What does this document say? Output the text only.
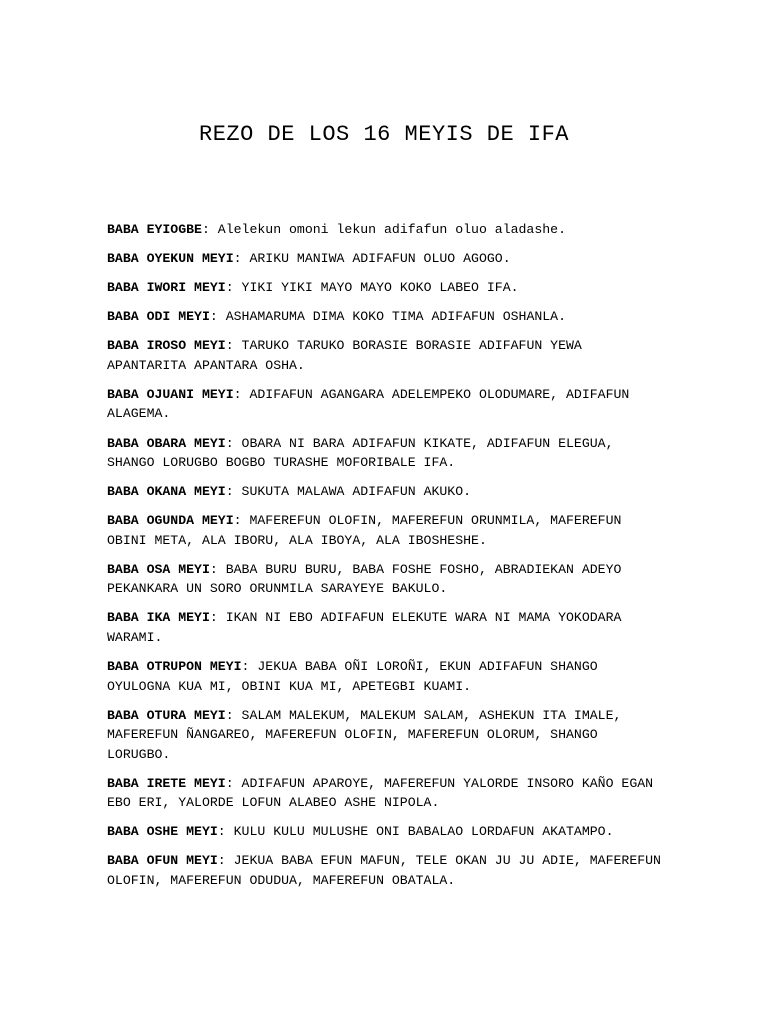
REZO DE LOS 16 MEYIS DE IFA
BABA EYIOGBE: Alelekun omoni lekun adifafun oluo aladashe.
BABA OYEKUN MEYI: ARIKU MANIWA ADIFAFUN OLUO AGOGO.
BABA IWORI MEYI: YIKI YIKI MAYO MAYO KOKO LABEO IFA.
BABA ODI MEYI: ASHAMARUMA DIMA KOKO TIMA ADIFAFUN OSHANLA.
BABA IROSO MEYI: TARUKO TARUKO BORASIE BORASIE ADIFAFUN YEWA APANTARITA APANTARA OSHA.
BABA OJUANI MEYI: ADIFAFUN AGANGARA ADELEMPEKO OLODUMARE, ADIFAFUN ALAGEMA.
BABA OBARA MEYI: OBARA NI BARA ADIFAFUN KIKATE, ADIFAFUN ELEGUA, SHANGO LORUGBO BOGBO TURASHE MOFORIBALE IFA.
BABA OKANA MEYI: SUKUTA MALAWA ADIFAFUN AKUKO.
BABA OGUNDA MEYI: MAFEREFUN OLOFIN, MAFEREFUN ORUNMILA, MAFEREFUN OBINI META, ALA IBORU, ALA IBOYA, ALA IBOSHESHE.
BABA OSA MEYI: BABA BURU BURU, BABA FOSHE FOSHO, ABRADIEKAN ADEYO PEKANKARA UN SORO ORUNMILA SARAYEYE BAKULO.
BABA IKA MEYI: IKAN NI EBO ADIFAFUN ELEKUTE WARA NI MAMA YOKODARA WARAMI.
BABA OTRUPON MEYI: JEKUA BABA OÑI LOROÑI, EKUN ADIFAFUN SHANGO OYULOGNA KUA MI, OBINI KUA MI, APETEGBI KUAMI.
BABA OTURA MEYI: SALAM MALEKUM, MALEKUM SALAM, ASHEKUN ITA IMALE, MAFEREFUN ÑANGAREO, MAFEREFUN OLOFIN, MAFEREFUN OLORUM, SHANGO LORUGBO.
BABA IRETE MEYI: ADIFAFUN APAROYE, MAFEREFUN YALORDE INSORO KAÑO EGAN EBO ERI, YALORDE LOFUN ALABEO ASHE NIPOLA.
BABA OSHE MEYI: KULU KULU MULUSHE ONI BABALAO LORDAFUN AKATAMPO.
BABA OFUN MEYI: JEKUA BABA EFUN MAFUN, TELE OKAN JU JU ADIE, MAFEREFUN OLOFIN, MAFEREFUN ODUDUA, MAFEREFUN OBATALA.
